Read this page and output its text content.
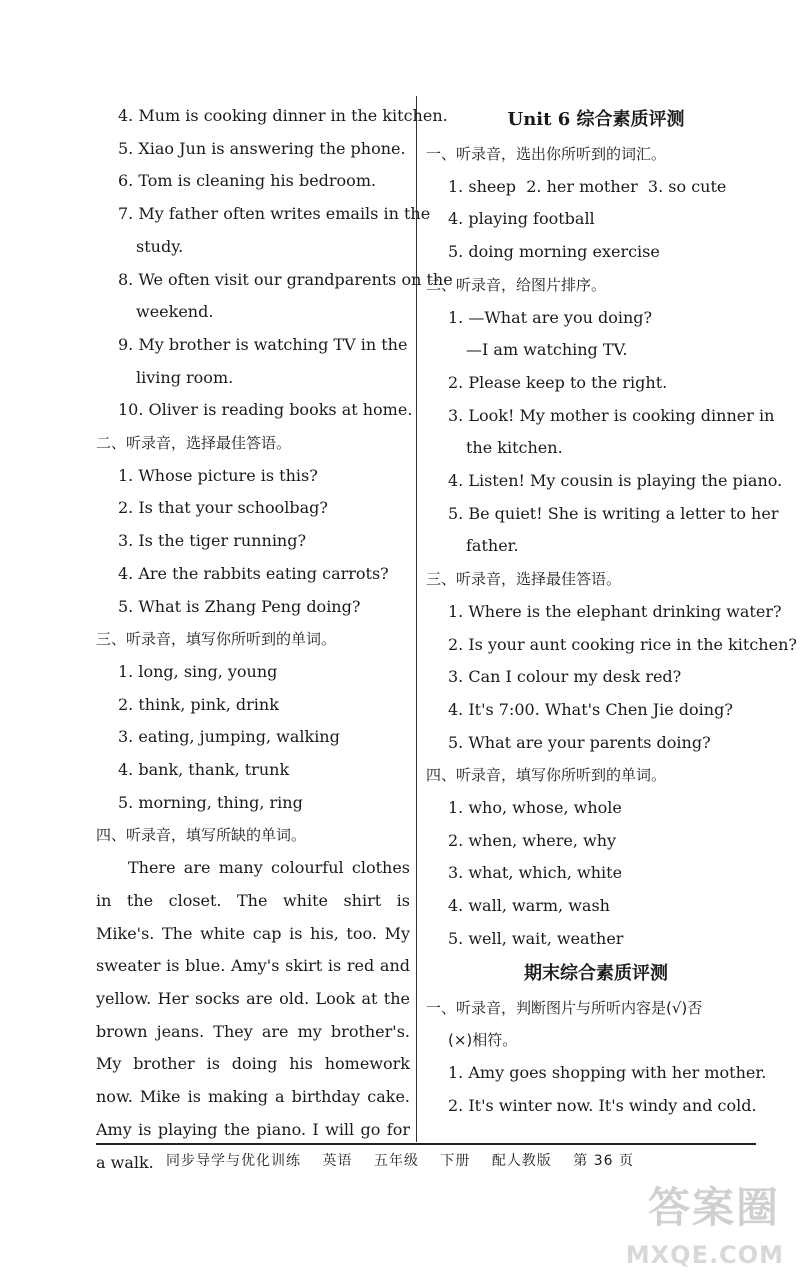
4. Mum is cooking dinner in the kitchen.
5. Xiao Jun is answering the phone.
6. Tom is cleaning his bedroom.
7. My father often writes emails in the
study.
8. We often visit our grandparents on the
weekend.
9. My brother is watching TV in the
living room.
10. Oliver is reading books at home.
二、听录音，选择最佳答语。
1. Whose picture is this?
2. Is that your schoolbag?
3. Is the tiger running?
4. Are the rabbits eating carrots?
5. What is Zhang Peng doing?
三、听录音，填写你所听到的单词。
1. long, sing, young
2. think, pink, drink
3. eating, jumping, walking
4. bank, thank, trunk
5. morning, thing, ring
四、听录音，填写所缺的单词。

There are many colourful clothes in the closet. The white shirt is Mike's. The white cap is his, too. My sweater is blue. Amy's skirt is red and yellow. Her socks are old. Look at the brown jeans. They are my brother's. My brother is doing his homework now. Mike is making a birthday cake. Amy is playing the piano. I will go for a walk.

Unit 6 综合素质评测
一、听录音，选出你所听到的词汇。
1. sheep  2. her mother  3. so cute
4. playing football
5. doing morning exercise
二、听录音，给图片排序。
1. —What are you doing?
—I am watching TV.
2. Please keep to the right.
3. Look! My mother is cooking dinner in
the kitchen.
4. Listen! My cousin is playing the piano.
5. Be quiet! She is writing a letter to her
father.
三、听录音，选择最佳答语。
1. Where is the elephant drinking water?
2. Is your aunt cooking rice in the kitchen?
3. Can I colour my desk red?
4. It's 7:00. What's Chen Jie doing?
5. What are your parents doing?
四、听录音，填写你所听到的单词。
1. who, whose, whole
2. when, where, why
3. what, which, white
4. wall, warm, wash
5. well, wait, weather
期末综合素质评测
一、听录音，判断图片与所听内容是(√)否
(×)相符。
1. Amy goes shopping with her mother.
2. It's winter now. It's windy and cold.
同步导学与优化训练 英语 五年级 下册 配人教版 第 36 页
答案圈
MXQE.COM
